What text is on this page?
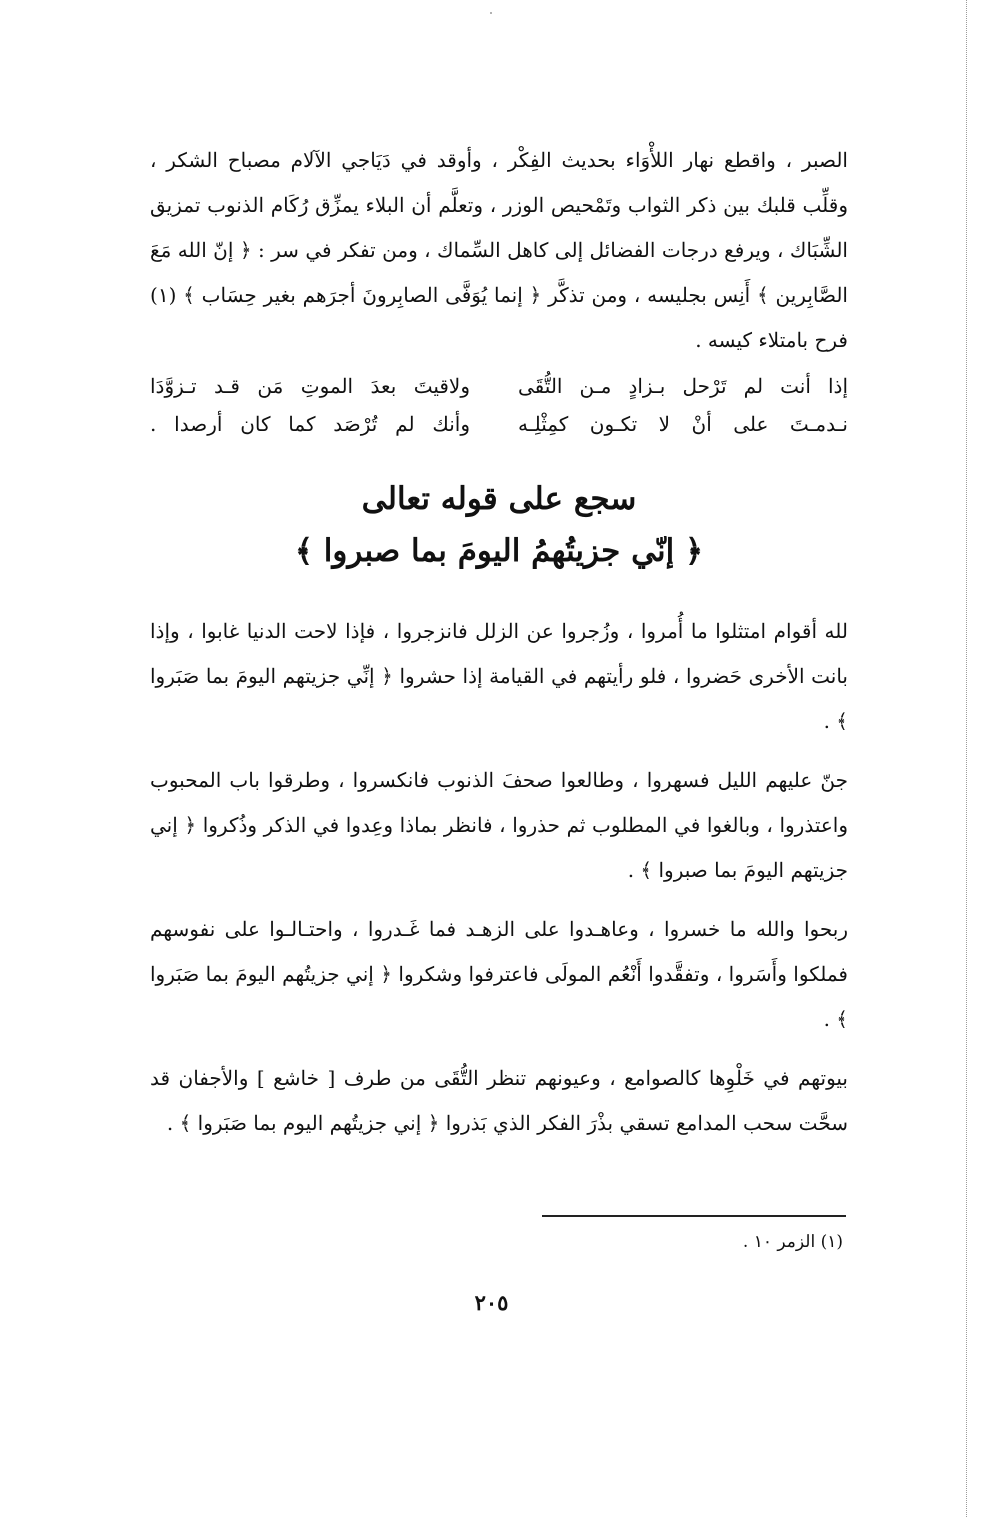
الصبر ، واقطع نهار اللأْوَاء بحديث الفِكْر ، وأوقد في دَيَاجي الآلام مصباح الشكر ، وقلِّب قلبك بين ذكر الثواب وتَمْحيص الوزر ، وتعلَّم أن البلاء يمزِّق رُكَام الذنوب تمزيق الشِّبَاك ، ويرفع درجات الفضائل إلى كاهل السِّماك ، ومن تفكر في سر : ﴿ إنّ الله مَعَ الصَّابِرين ﴾ أَنِس بجليسه ، ومن تذكَّر ﴿ إنما يُوَفَّى الصابِرونَ أجرَهم بغير حِسَاب ﴾ (١) فرح بامتلاء كيسه .

إذا أنت لم تَرْحل بـزادٍ مـن التُّقَى
ولاقيتَ بعدَ الموتِ مَن قـد تـزوَّدَا
نـدمـتَ على أنْ لا تكـون كمِثْلِـه
وأنك لم تُرْصَد كما كان أرصدا .
سجع على قوله تعالى
﴿ إنّي جزيتُهمُ اليومَ بما صبروا ﴾

لله أقوام امتثلوا ما أُمروا ، وزُجروا عن الزلل فانزجروا ، فإذا لاحت الدنيا غابوا ، وإذا بانت الأخرى حَضروا ، فلو رأيتهم في القيامة إذا حشروا ﴿ إنِّي جزيتهم اليومَ بما صَبَروا ﴾ .

جنّ عليهم الليل فسهروا ، وطالعوا صحفَ الذنوب فانكسروا ، وطرقوا باب المحبوب واعتذروا ، وبالغوا في المطلوب ثم حذروا ، فانظر بماذا وعِدوا في الذكر وذُكروا ﴿ إني جزيتهم اليومَ بما صبروا ﴾ .

ربحوا والله ما خسروا ، وعاهـدوا على الزهـد فما غَـدروا ، واحتـالـوا على نفوسهم فملكوا وأَسَروا ، وتفقَّدوا أَنْعُم المولَى فاعترفوا وشكروا ﴿ إني جزيتُهم اليومَ بما صَبَروا ﴾ .

بيوتهم في خَلْوِها كالصوامع ، وعيونهم تنظر التُّقَى من طرف [ خاشع ] والأجفان قد سحَّت سحب المدامع تسقي بذْرَ الفكر الذي بَذروا ﴿ إني جزيتُهم اليوم بما صَبَروا ﴾ .

(١) الزمر ١٠ .
٢٠٥
